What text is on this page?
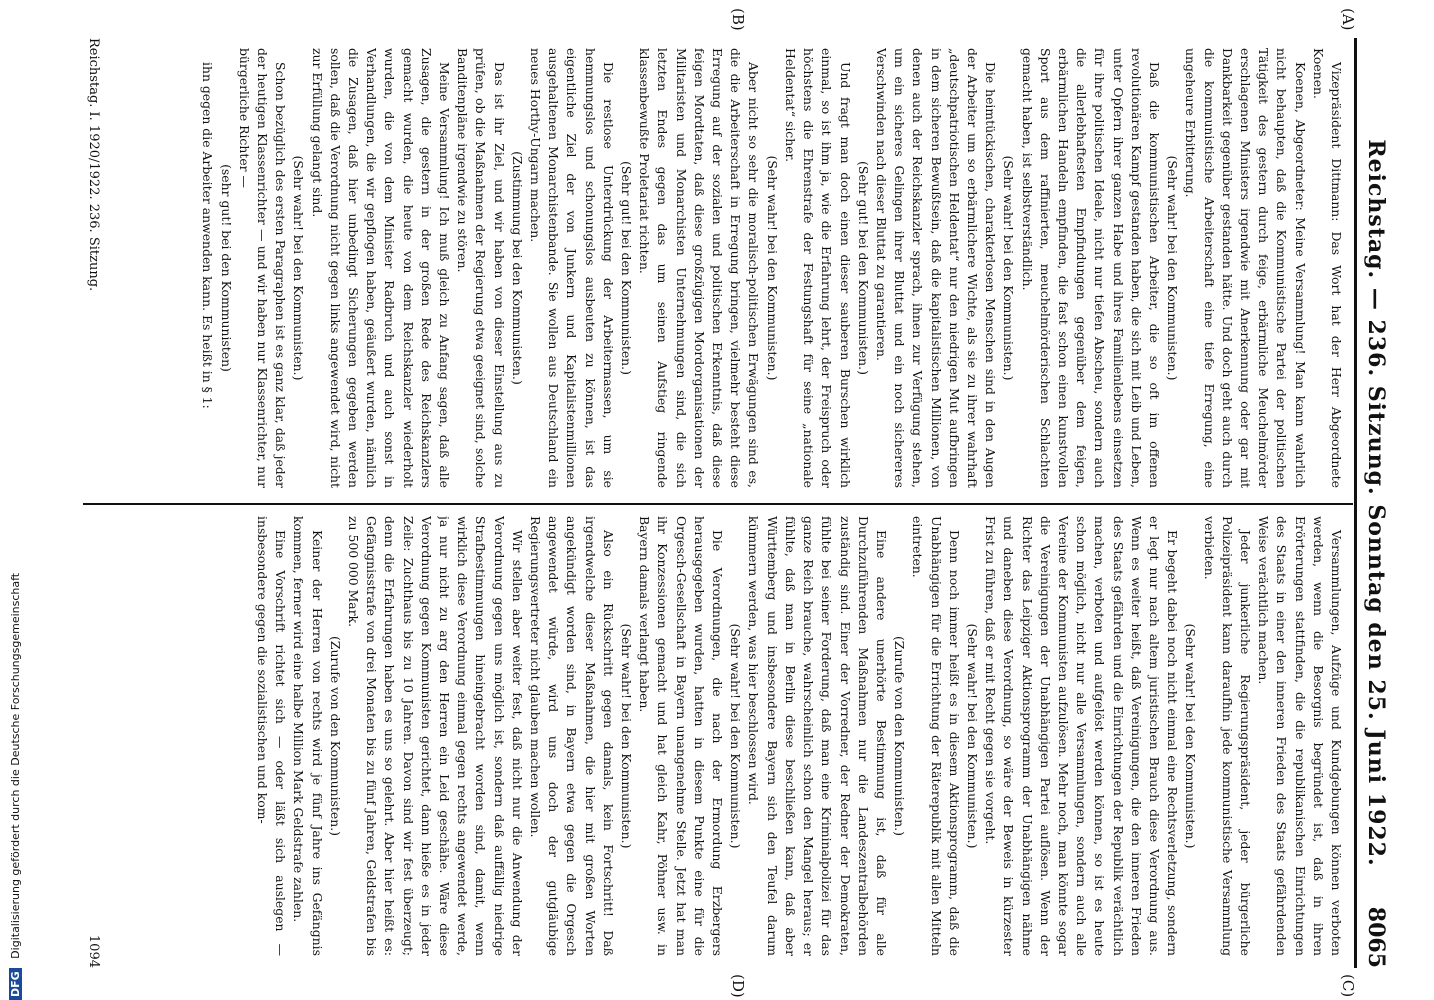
Reichstag. — 236. Sitzung. Sonntag den 25. Juni 1922.
8065
(A)
(B)
(C)
(D)

Vizepräsident Dittmann: Das Wort hat der Herr Abgeordnete Koenen.

Koenen, Abgeordneter: Meine Versammlung! Man kann wahrlich nicht behaupten, daß die Kommunistische Partei der politischen Tätigkeit des gestern durch feige, erbärmliche Meuchelmörder erschlagenen Ministers irgendwie mit Anerkennung oder gar mit Dankbarkeit gegenüber gestanden hätte. Und doch geht auch durch die kommunistische Arbeiterschaft eine tiefe Erregung, eine ungeheure Erbitterung.

(Sehr wahr! bei den Kommunisten.)

Daß die kommunistischen Arbeiter, die so oft im offenen revolutionären Kampf gestanden haben, die sich mit Leib und Leben, unter Opfern ihrer ganzen Habe und ihres Familienlebens einsetzen für ihre politischen Ideale, nicht nur tiefen Abscheu, sondern auch die allerlebhaftesten Empfindungen gegenüber dem feigen, erbärmlichen Handeln empfinden, die fast schon einen kunstvollen Sport aus dem raffinierten, meuchelmörderischen Schlachten gemacht haben, ist selbstverständlich.

(Sehr wahr! bei den Kommunisten.)

Die heimtückischen, charakterlosen Menschen sind in den Augen der Arbeiter um so erbärmlichere Wichte, als sie zu ihrer wahrhaft „deutschpatriotischen Heldentat“ nur den niedrigen Mut aufbringen in dem sicheren Bewußtsein, daß die kapitalistischen Millionen, von denen auch der Reichskanzler sprach, ihnen zur Verfügung stehen, um ein sicheres Gelingen ihrer Bluttat und ein noch sichereres Verschwinden nach dieser Bluttat zu garantieren.

(Sehr gut! bei den Kommunisten.)

Und fragt man doch einen dieser sauberen Burschen wirklich einmal, so ist ihm ja, wie die Erfahrung lehrt, der Freispruch oder höchstens die Ehrenstrafe der Festungshaft für seine „nationale Heldentat“ sicher.

(Sehr wahr! bei den Kommunisten.)

Aber nicht so sehr die moralisch-politischen Erwägungen sind es, die die Arbeiterschaft in Erregung bringen, vielmehr besteht diese Erregung auf der sozialen und politischen Erkenntnis, daß diese feigen Mordtaten, daß diese großzügigen Mordorganisationen der Militaristen und Monarchisten Unternehmungen sind, die sich letzten Endes gegen das um seinen Aufstieg ringende klassenbewußte Proletariat richten.

(Sehr gut! bei den Kommunisten.)

Die restlose Unterdrückung der Arbeitermassen, um sie hemmungslos und schonungslos ausbeuten zu können, ist das eigentliche Ziel der von Junkern und Kapitalistenmillionen ausgehaltenen Monarchistenbande. Sie wollen aus Deutschland ein neues Horthy-Ungarn machen.

(Zustimmung bei den Kommunisten.)

Das ist ihr Ziel, und wir haben von dieser Einstellung aus zu prüfen, ob die Maßnahmen der Regierung etwa geeignet sind, solche Banditenpläne irgendwie zu stören.

Meine Versammlung! Ich muß gleich zu Anfang sagen, daß alle Zusagen, die gestern in der großen Rede des Reichskanzlers gemacht wurden, die heute von dem Reichskanzler wiederholt wurden, die von dem Minister Radbruch und auch sonst in Verhandlungen, die wir gepflogen haben, geäußert wurden, nämlich die Zusagen, daß hier unbedingt Sicherungen gegeben werden sollen, daß die Verordnung nicht gegen links angewendet wird, nicht zur Erfüllung gelangt sind.

(Sehr wahr! bei den Kommunisten.)

Schon bezüglich des ersten Paragraphen ist es ganz klar, daß jeder der heutigen Klassenrichter — und wir haben nur Klassenrichter, nur bürgerliche Richter —

(sehr gut! bei den Kommunisten)

ihn gegen die Arbeiter anwenden kann. Es heißt in § 1:

Versammlungen, Aufzüge und Kundgebungen können verboten werden, wenn die Besorgnis begründet ist, daß in ihren Erörterungen stattfinden, die die republikanischen Einrichtungen des Staats in einer den inneren Frieden des Staats gefährdenden Weise verächtlich machen.

Jeder junkerliche Regierungspräsident, jeder bürgerliche Polizeipräsident kann daraufhin jede kommunistische Versammlung verbieten.

(Sehr wahr! bei den Kommunisten.)

Er begeht dabei noch nicht einmal eine Rechtsverletzung, sondern er legt nur nach altem juristischen Brauch diese Verordnung aus. Wenn es weiter heißt, daß Vereinigungen, die den inneren Frieden des Staats gefährden und die Einrichtungen der Republik verächtlich machen, verboten und aufgelöst werden können, so ist es heute schon möglich, nicht nur alle Versammlungen, sondern auch alle Vereine der Kommunisten aufzulösen. Mehr noch, man könnte sogar die Vereinigungen der Unabhängigen Partei auflösen. Wenn der Richter das Leipziger Aktionsprogramm der Unabhängigen nähme und daneben diese Verordnung, so wäre der Beweis in kürzester Frist zu führen, daß er mit Recht gegen sie vorgeht.

(Sehr wahr! bei den Kommunisten.)

Denn noch immer heißt es in diesem Aktionsprogramm, daß die Unabhängigen für die Errichtung der Räterepublik mit allen Mitteln eintreten.

(Zurufe von den Kommunisten.)

Eine andere unerhörte Bestimmung ist, daß für alle Durchzuführenden Maßnahmen nur die Landeszentralbehörden zuständig sind. Einer der Vorredner, der Redner der Demokraten, fühlte bei seiner Forderung, daß man eine Kriminalpolizei für das ganze Reich brauche, wahrscheinlich schon den Mangel heraus; er fühlte, daß man in Berlin diese beschließen kann, daß aber Württemberg und insbesondere Bayern sich den Teufel darum kümmern werden, was hier beschlossen wird.

(Sehr wahr! bei den Kommunisten.)

Die Verordnungen, die nach der Ermordung Erzbergers herausgegeben wurden, hatten in diesem Punkte eine für die Orgesch-Gesellschaft in Bayern unangenehme Stelle. Jetzt hat man ihr Konzessionen gemacht und hat gleich Kahr, Pöhner usw. in Bayern damals verlangt haben.

(Sehr wahr! bei den Kommunisten.)

Also ein Rückschritt gegen damals, kein Fortschritt! Daß irgendwelche dieser Maßnahmen, die hier mit großen Worten angekündigt worden sind, in Bayern etwa gegen die Orgesch angewendet würde, wird uns doch der gutgläubige Regierungsvertreter nicht glauben machen wollen.

Wir stellen aber weiter fest, daß nicht nur die Anwendung der Verordnung gegen uns möglich ist, sondern daß auffällig niedrige Strafbestimmungen hineingebracht worden sind, damit, wenn wirklich diese Verordnung einmal gegen rechts angewendet werde, ja nur nicht zu arg den Herren ein Leid geschähe. Wäre diese Verordnung gegen Kommunisten gerichtet, dann hieße es in jeder Zeile: Zuchthaus bis zu 10 Jahren. Davon sind wir fest überzeugt; denn die Erfahrungen haben es uns so gelehrt. Aber hier heißt es: Gefängnisstrafe von drei Monaten bis zu fünf Jahren, Geldstrafen bis zu 500 000 Mark.

(Zurufe von den Kommunisten.)

Keiner der Herren von rechts wird je fünf Jahre ins Gefängnis kommen, ferner wird eine halbe Million Mark Geldstrafe zahlen.

Eine Vorschrift richtet sich — oder läßt sich auslegen — insbesondere gegen die sozialistischen und kom-

Reichstag. I. 1920/1922. 236. Sitzung.
1094
DFG Digitalisierung gefördert durch die Deutsche Forschungsgemeinschaft
